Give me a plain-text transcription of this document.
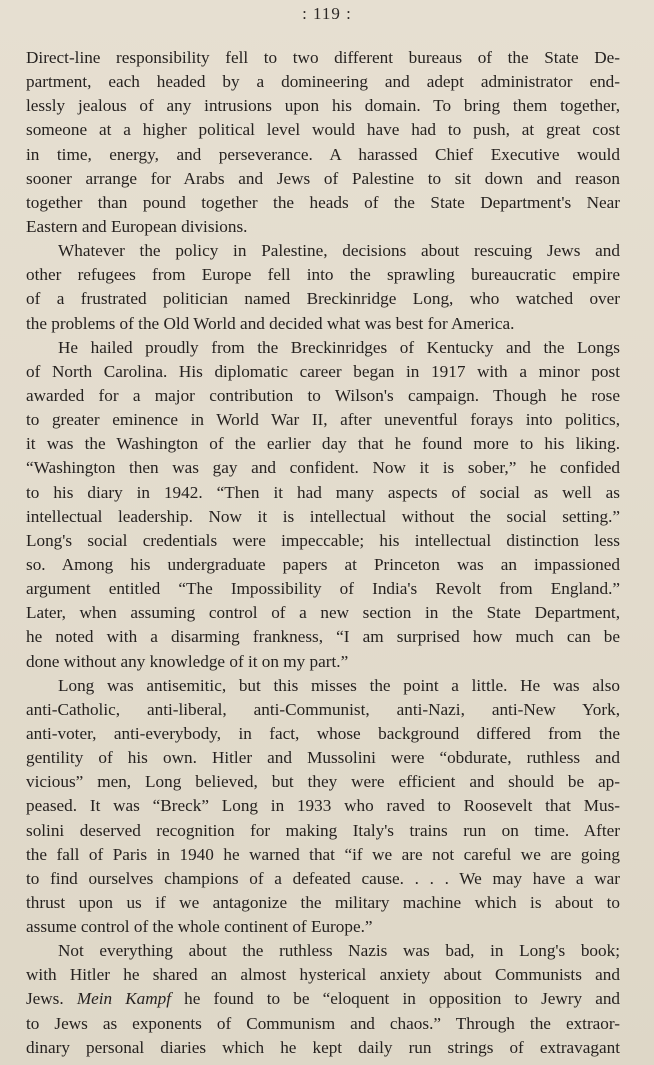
: 119 :
Direct-line responsibility fell to two different bureaus of the State De-
partment, each headed by a domineering and adept administrator end-
lessly jealous of any intrusions upon his domain. To bring them together,
someone at a higher political level would have had to push, at great cost
in time, energy, and perseverance. A harassed Chief Executive would
sooner arrange for Arabs and Jews of Palestine to sit down and reason
together than pound together the heads of the State Department's Near
Eastern and European divisions.
Whatever the policy in Palestine, decisions about rescuing Jews and
other refugees from Europe fell into the sprawling bureaucratic empire
of a frustrated politician named Breckinridge Long, who watched over
the problems of the Old World and decided what was best for America.
He hailed proudly from the Breckinridges of Kentucky and the Longs
of North Carolina. His diplomatic career began in 1917 with a minor post
awarded for a major contribution to Wilson's campaign. Though he rose
to greater eminence in World War II, after uneventful forays into politics,
it was the Washington of the earlier day that he found more to his liking.
“Washington then was gay and confident. Now it is sober,” he confided
to his diary in 1942. “Then it had many aspects of social as well as
intellectual leadership. Now it is intellectual without the social setting.”
Long's social credentials were impeccable; his intellectual distinction less
so. Among his undergraduate papers at Princeton was an impassioned
argument entitled “The Impossibility of India's Revolt from England.”
Later, when assuming control of a new section in the State Department,
he noted with a disarming frankness, “I am surprised how much can be
done without any knowledge of it on my part.”
Long was antisemitic, but this misses the point a little. He was also
anti-Catholic, anti-liberal, anti-Communist, anti-Nazi, anti-New York,
anti-voter, anti-everybody, in fact, whose background differed from the
gentility of his own. Hitler and Mussolini were “obdurate, ruthless and
vicious” men, Long believed, but they were efficient and should be ap-
peased. It was “Breck” Long in 1933 who raved to Roosevelt that Mus-
solini deserved recognition for making Italy's trains run on time. After
the fall of Paris in 1940 he warned that “if we are not careful we are going
to find ourselves champions of a defeated cause. . . . We may have a war
thrust upon us if we antagonize the military machine which is about to
assume control of the whole continent of Europe.”
Not everything about the ruthless Nazis was bad, in Long's book;
with Hitler he shared an almost hysterical anxiety about Communists and
Jews. Mein Kampf he found to be “eloquent in opposition to Jewry and
to Jews as exponents of Communism and chaos.” Through the extraor-
dinary personal diaries which he kept daily run strings of extravagant
